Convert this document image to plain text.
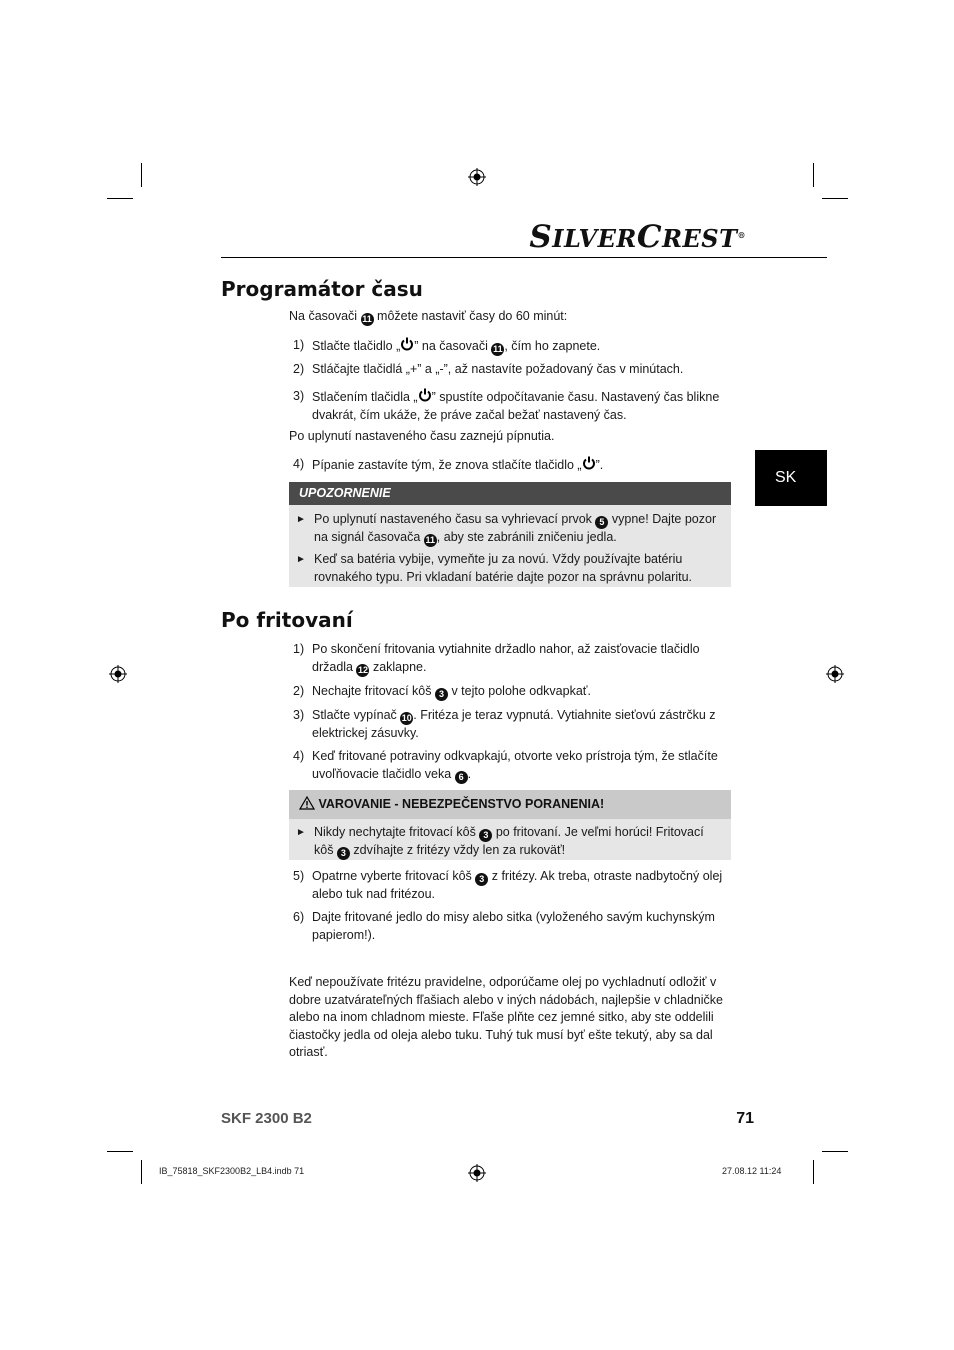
SILVERCREST®
Programátor času
Na časovači 11 môžete nastaviť časy do 60 minút:
1) Stlačte tlačidlo „ ” na časovači 11 , čím ho zapnete.
2) Stláčajte tlačidlá „+” a „-”, až nastavíte požadovaný čas v minútach.
3) Stlačením tlačidla „ ” spustíte odpočítavanie času. Nastavený čas blikne dvakrát, čím ukáže, že práve začal bežať nastavený čas.
Po uplynutí nastaveného času zaznejú pípnutia.
4) Pípanie zastavíte tým, že znova stlačíte tlačidlo „ ”.
UPOZORNENIE
► Po uplynutí nastaveného času sa vyhrievací prvok 5 vypne! Dajte pozor na signál časovača 11 , aby ste zabránili zničeniu jedla.
► Keď sa batéria vybije, vymeňte ju za novú. Vždy používajte batériu rovnakého typu. Pri vkladaní batérie dajte pozor na správnu polaritu.
SK
Po fritovaní
1) Po skončení fritovania vytiahnite držadlo nahor, až zaisťovacie tlačidlo držadla 12 zaklapne.
2) Nechajte fritovací kôš 3 v tejto polohe odkvapkať.
3) Stlačte vypínač 10 . Fritéza je teraz vypnutá. Vytiahnite sieťovú zástrčku z elektrickej zásuvky.
4) Keď fritované potraviny odkvapkajú, otvorte veko prístroja tým, že stlačíte uvoľňovacie tlačidlo veka 6 .
VAROVANIE - NEBEZPEČENSTVO PORANENIA!
► Nikdy nechytajte fritovací kôš 3 po fritovaní. Je veľmi horúci! Fritovací kôš 3 zdvíhajte z fritézy vždy len za rukoväť!
5) Opatrne vyberte fritovací kôš 3 z fritézy. Ak treba, otraste nadbytočný olej alebo tuk nad fritézou.
6) Dajte fritované jedlo do misy alebo sitka (vyloženého savým kuchynským papierom!).
Keď nepoužívate fritézu pravidelne, odporúčame olej po vychladnutí odložiť v dobre uzatvárateľných fľašiach alebo v iných nádobách, najlepšie v chladničke alebo na inom chladnom mieste. Fľaše plňte cez jemné sitko, aby ste oddelili čiastočky jedla od oleja alebo tuku. Tuhý tuk musí byť ešte tekutý, aby sa dal otriasť.
SKF 2300 B2	71
IB_75818_SKF2300B2_LB4.indb 71	27.08.12 11:24
